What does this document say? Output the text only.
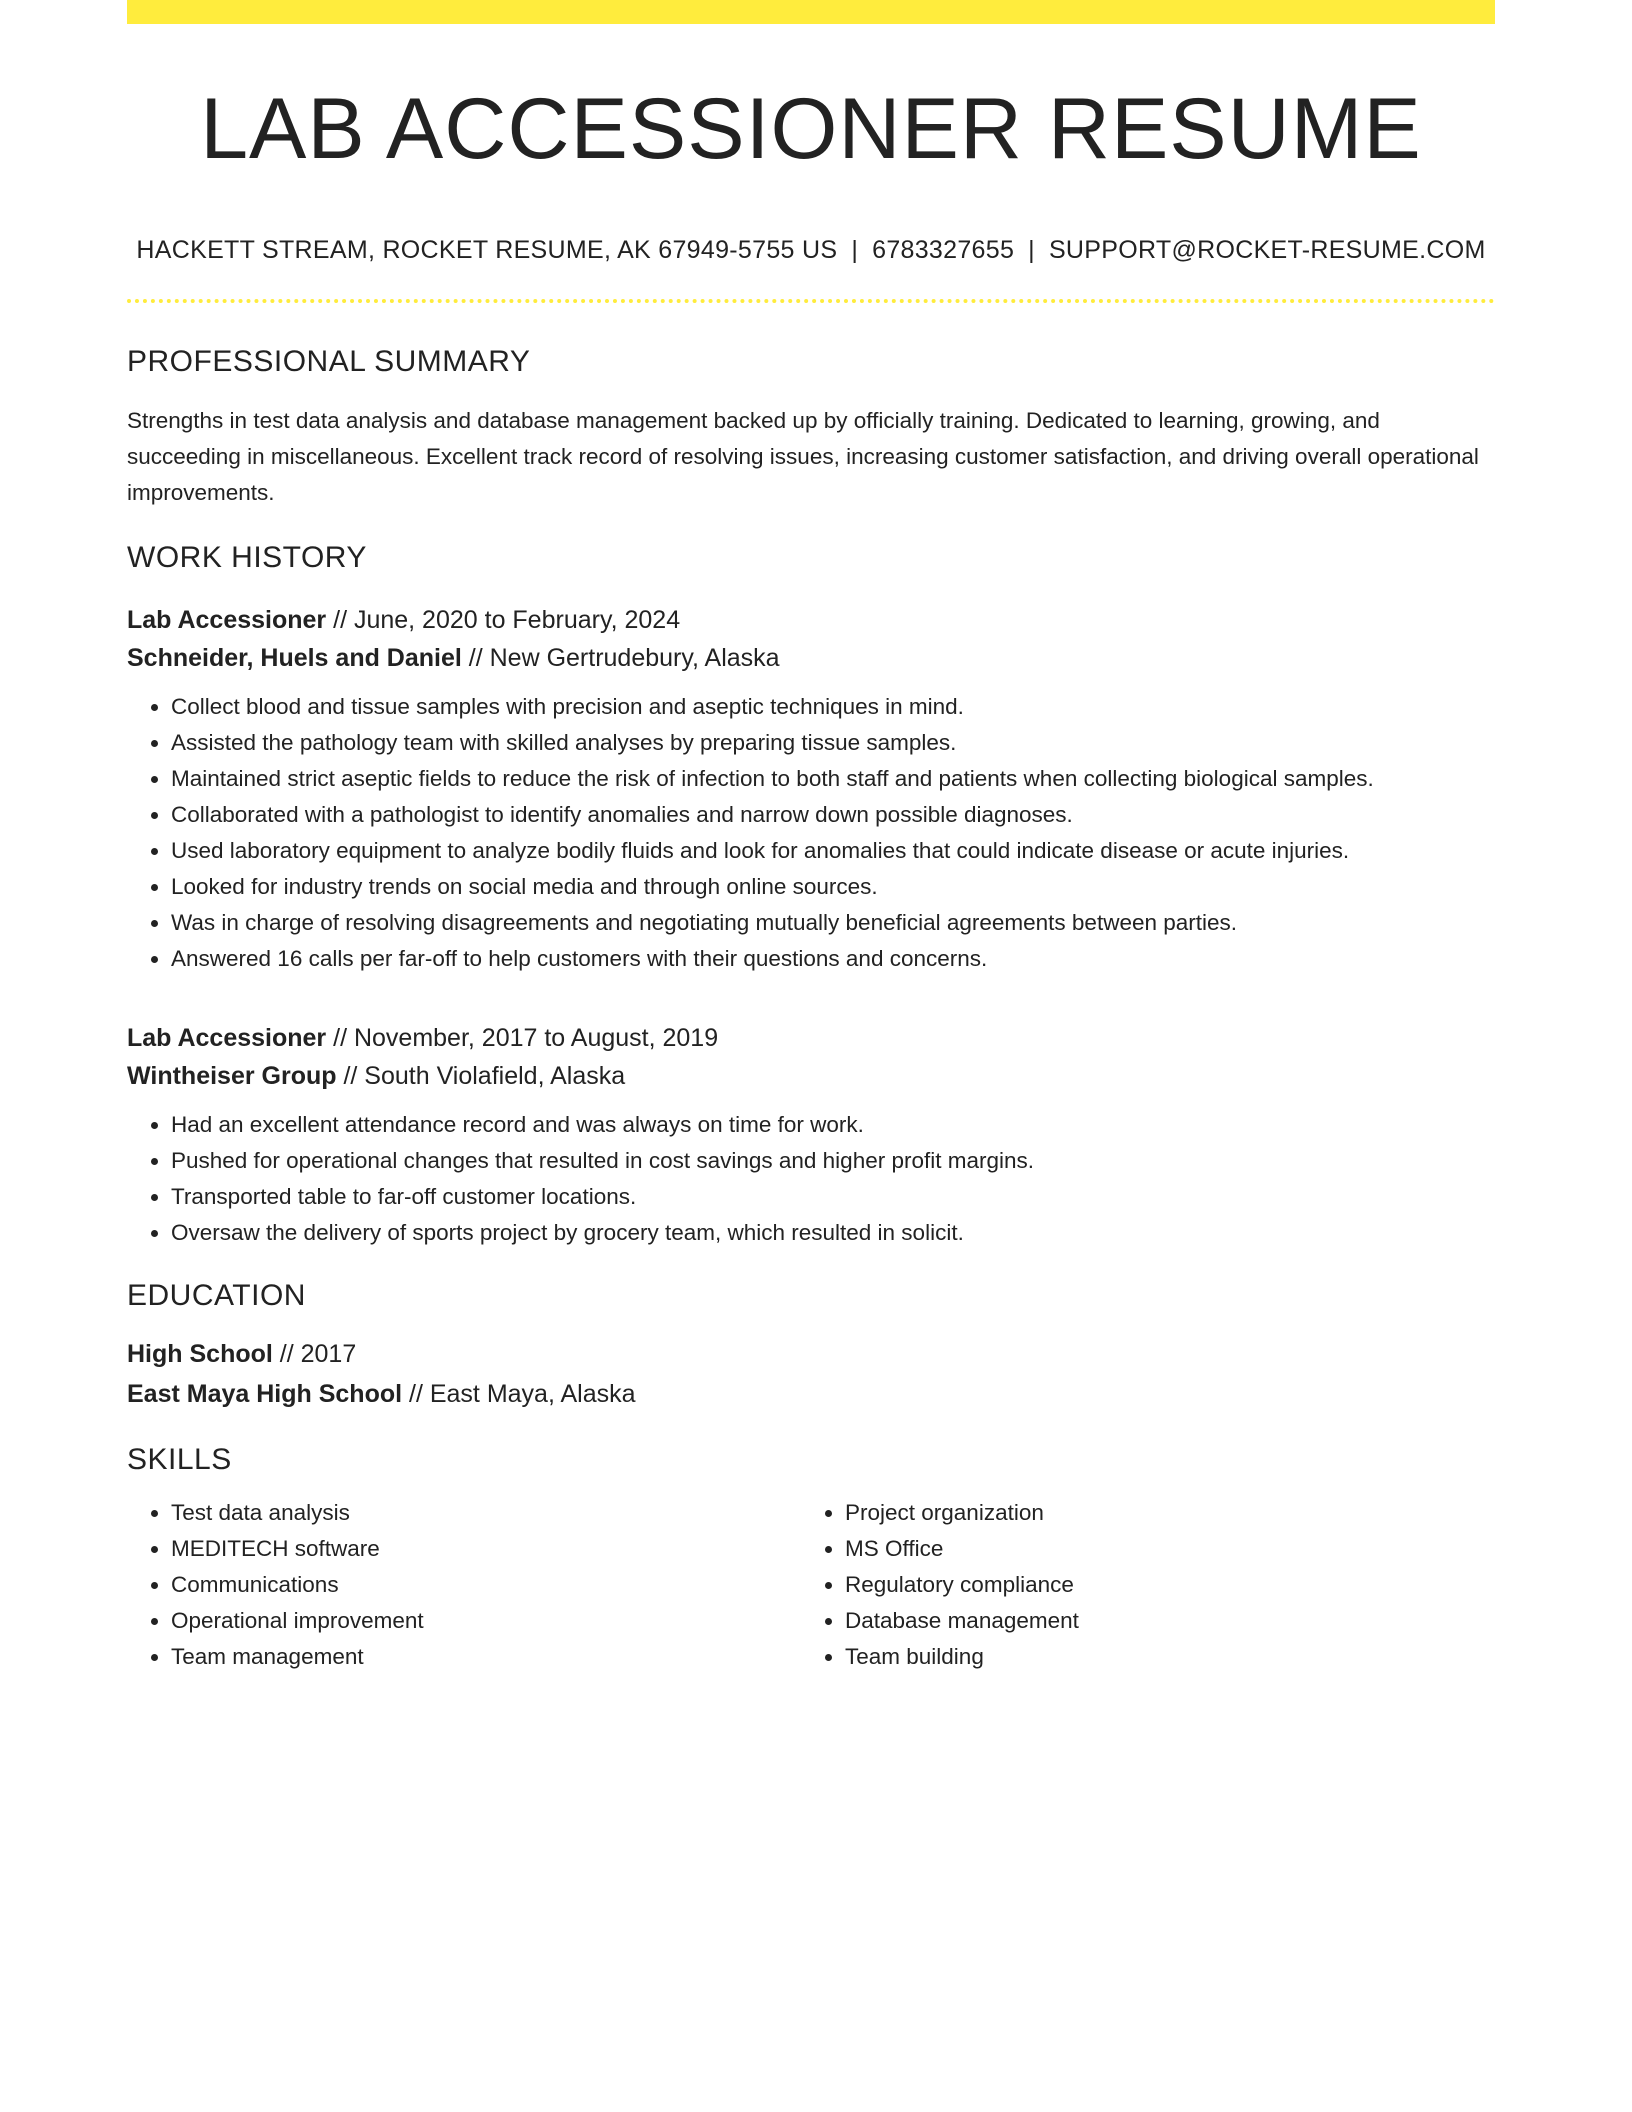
LAB ACCESSIONER RESUME
HACKETT STREAM, ROCKET RESUME, AK 67949-5755 US | 6783327655 | SUPPORT@ROCKET-RESUME.COM
PROFESSIONAL SUMMARY
Strengths in test data analysis and database management backed up by officially training. Dedicated to learning, growing, and succeeding in miscellaneous. Excellent track record of resolving issues, increasing customer satisfaction, and driving overall operational improvements.
WORK HISTORY
Lab Accessioner // June, 2020 to February, 2024
Schneider, Huels and Daniel // New Gertrudebury, Alaska
• Collect blood and tissue samples with precision and aseptic techniques in mind.
• Assisted the pathology team with skilled analyses by preparing tissue samples.
• Maintained strict aseptic fields to reduce the risk of infection to both staff and patients when collecting biological samples.
• Collaborated with a pathologist to identify anomalies and narrow down possible diagnoses.
• Used laboratory equipment to analyze bodily fluids and look for anomalies that could indicate disease or acute injuries.
• Looked for industry trends on social media and through online sources.
• Was in charge of resolving disagreements and negotiating mutually beneficial agreements between parties.
• Answered 16 calls per far-off to help customers with their questions and concerns.
Lab Accessioner // November, 2017 to August, 2019
Wintheiser Group // South Violafield, Alaska
• Had an excellent attendance record and was always on time for work.
• Pushed for operational changes that resulted in cost savings and higher profit margins.
• Transported table to far-off customer locations.
• Oversaw the delivery of sports project by grocery team, which resulted in solicit.
EDUCATION
High School // 2017
East Maya High School // East Maya, Alaska
SKILLS
• Test data analysis
• MEDITECH software
• Communications
• Operational improvement
• Team management
• Project organization
• MS Office
• Regulatory compliance
• Database management
• Team building
